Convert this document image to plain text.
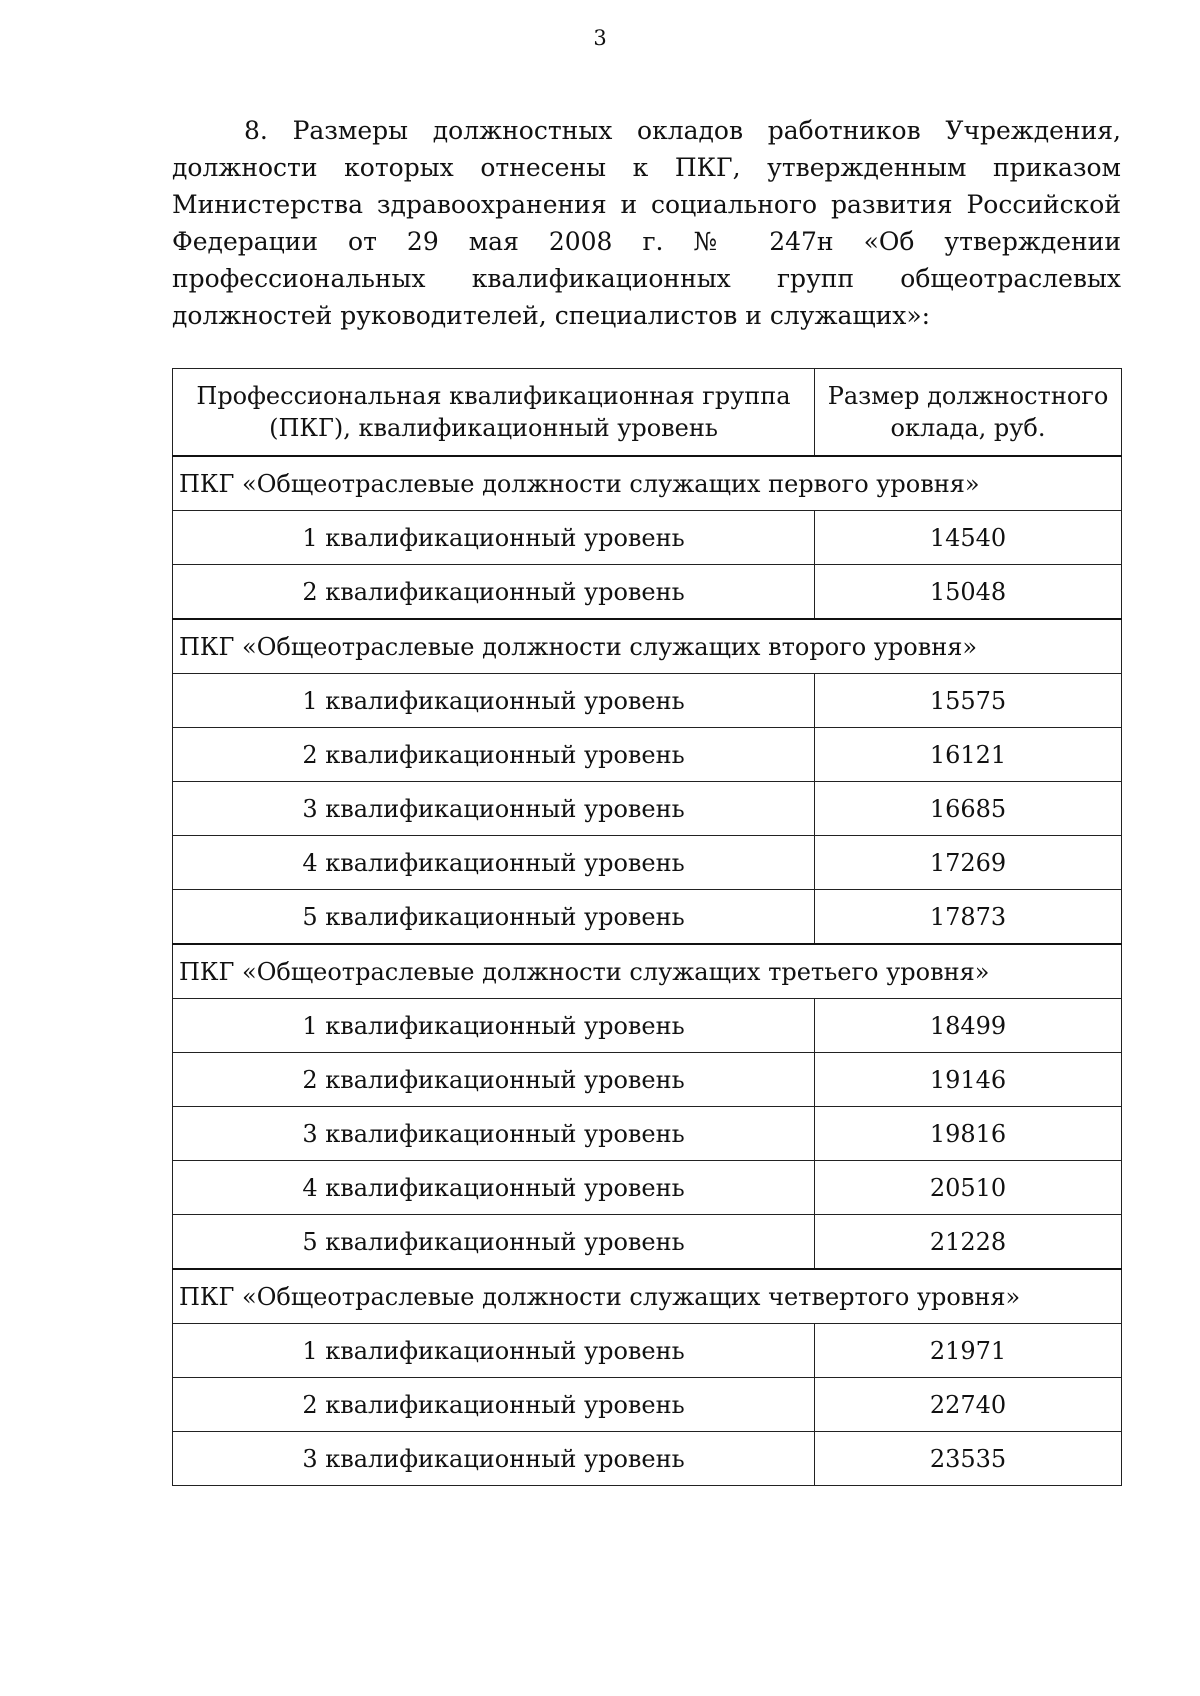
3

8. Размеры должностных окладов работников Учреждения, должности которых отнесены к ПКГ, утвержденным приказом Министерства здравоохранения и социального развития Российской Федерации от 29 мая 2008 г. № 247н «Об утверждении профессиональных квалификационных групп общеотраслевых должностей руководителей, специалистов и служащих»:

Профессиональная квалификационная группа (ПКГ), квалификационный уровень	Размер должностного оклада, руб.
ПКГ «Общеотраслевые должности служащих первого уровня»	
1 квалификационный уровень	14540
2 квалификационный уровень	15048
ПКГ «Общеотраслевые должности служащих второго уровня»	
1 квалификационный уровень	15575
2 квалификационный уровень	16121
3 квалификационный уровень	16685
4 квалификационный уровень	17269
5 квалификационный уровень	17873
ПКГ «Общеотраслевые должности служащих третьего уровня»	
1 квалификационный уровень	18499
2 квалификационный уровень	19146
3 квалификационный уровень	19816
4 квалификационный уровень	20510
5 квалификационный уровень	21228
ПКГ «Общеотраслевые должности служащих четвертого уровня»	
1 квалификационный уровень	21971
2 квалификационный уровень	22740
3 квалификационный уровень	23535
